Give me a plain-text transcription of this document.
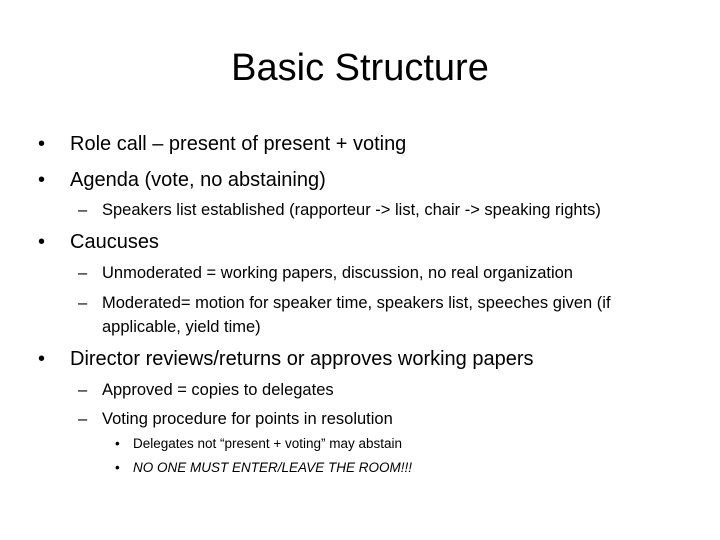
Basic Structure
• Role call – present of present + voting
• Agenda (vote, no abstaining)
– Speakers list established (rapporteur -> list, chair -> speaking rights)
• Caucuses
– Unmoderated = working papers, discussion, no real organization
– Moderated= motion for speaker time, speakers list, speeches given (if
applicable, yield time)
• Director reviews/returns or approves working papers
– Approved = copies to delegates
– Voting procedure for points in resolution
• Delegates not “present + voting” may abstain
• NO ONE MUST ENTER/LEAVE THE ROOM!!!
